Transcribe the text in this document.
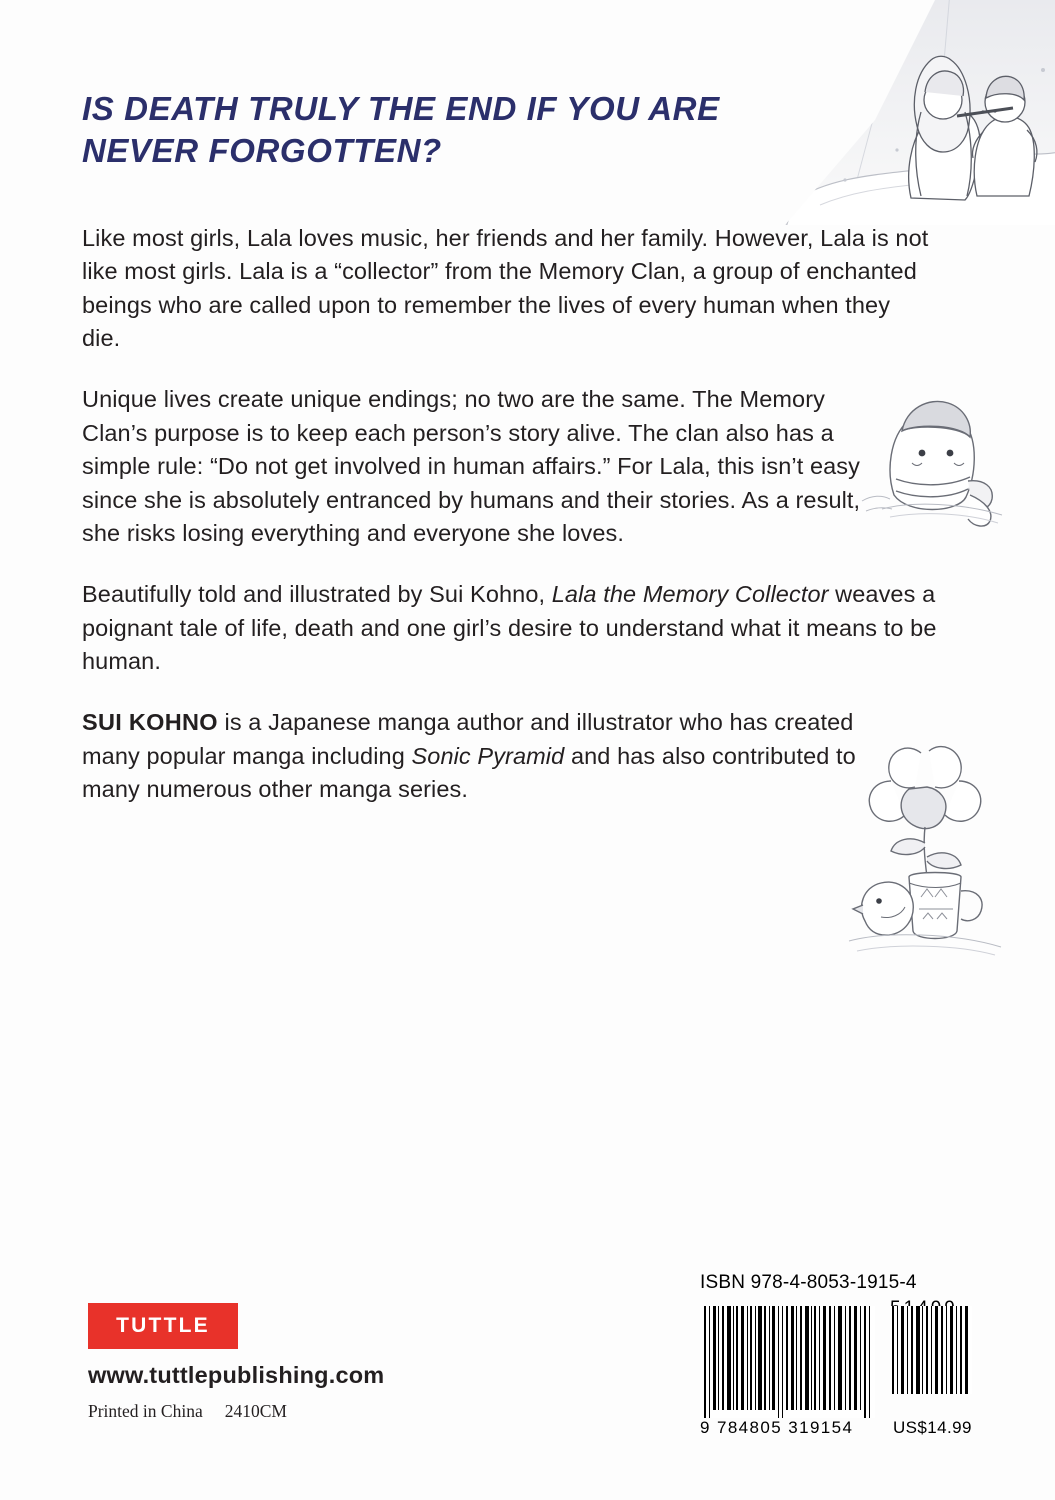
IS DEATH TRULY THE END IF YOU ARE NEVER FORGOTTEN?

Like most girls, Lala loves music, her friends and her family. However, Lala is not like most girls. Lala is a “collector” from the Memory Clan, a group of enchanted beings who are called upon to remember the lives of every human when they die.

Unique lives create unique endings; no two are the same. The Memory Clan’s purpose is to keep each person’s story alive. The clan also has a simple rule: “Do not get involved in human affairs.” For Lala, this isn’t easy since she is absolutely entranced by humans and their stories. As a result, she risks losing everything and everyone she loves.

Beautifully told and illustrated by Sui Kohno, Lala the Memory Collector weaves a poignant tale of life, death and one girl’s desire to understand what it means to be human.

SUI KOHNO is a Japanese manga author and illustrator who has created many popular manga including Sonic Pyramid and has also contributed to many numerous other manga series.

TUTTLE
www.tuttlepublishing.com
Printed in China 2410CM
ISBN 978-4-8053-1915-4
9 784805 319154 US$14.99
